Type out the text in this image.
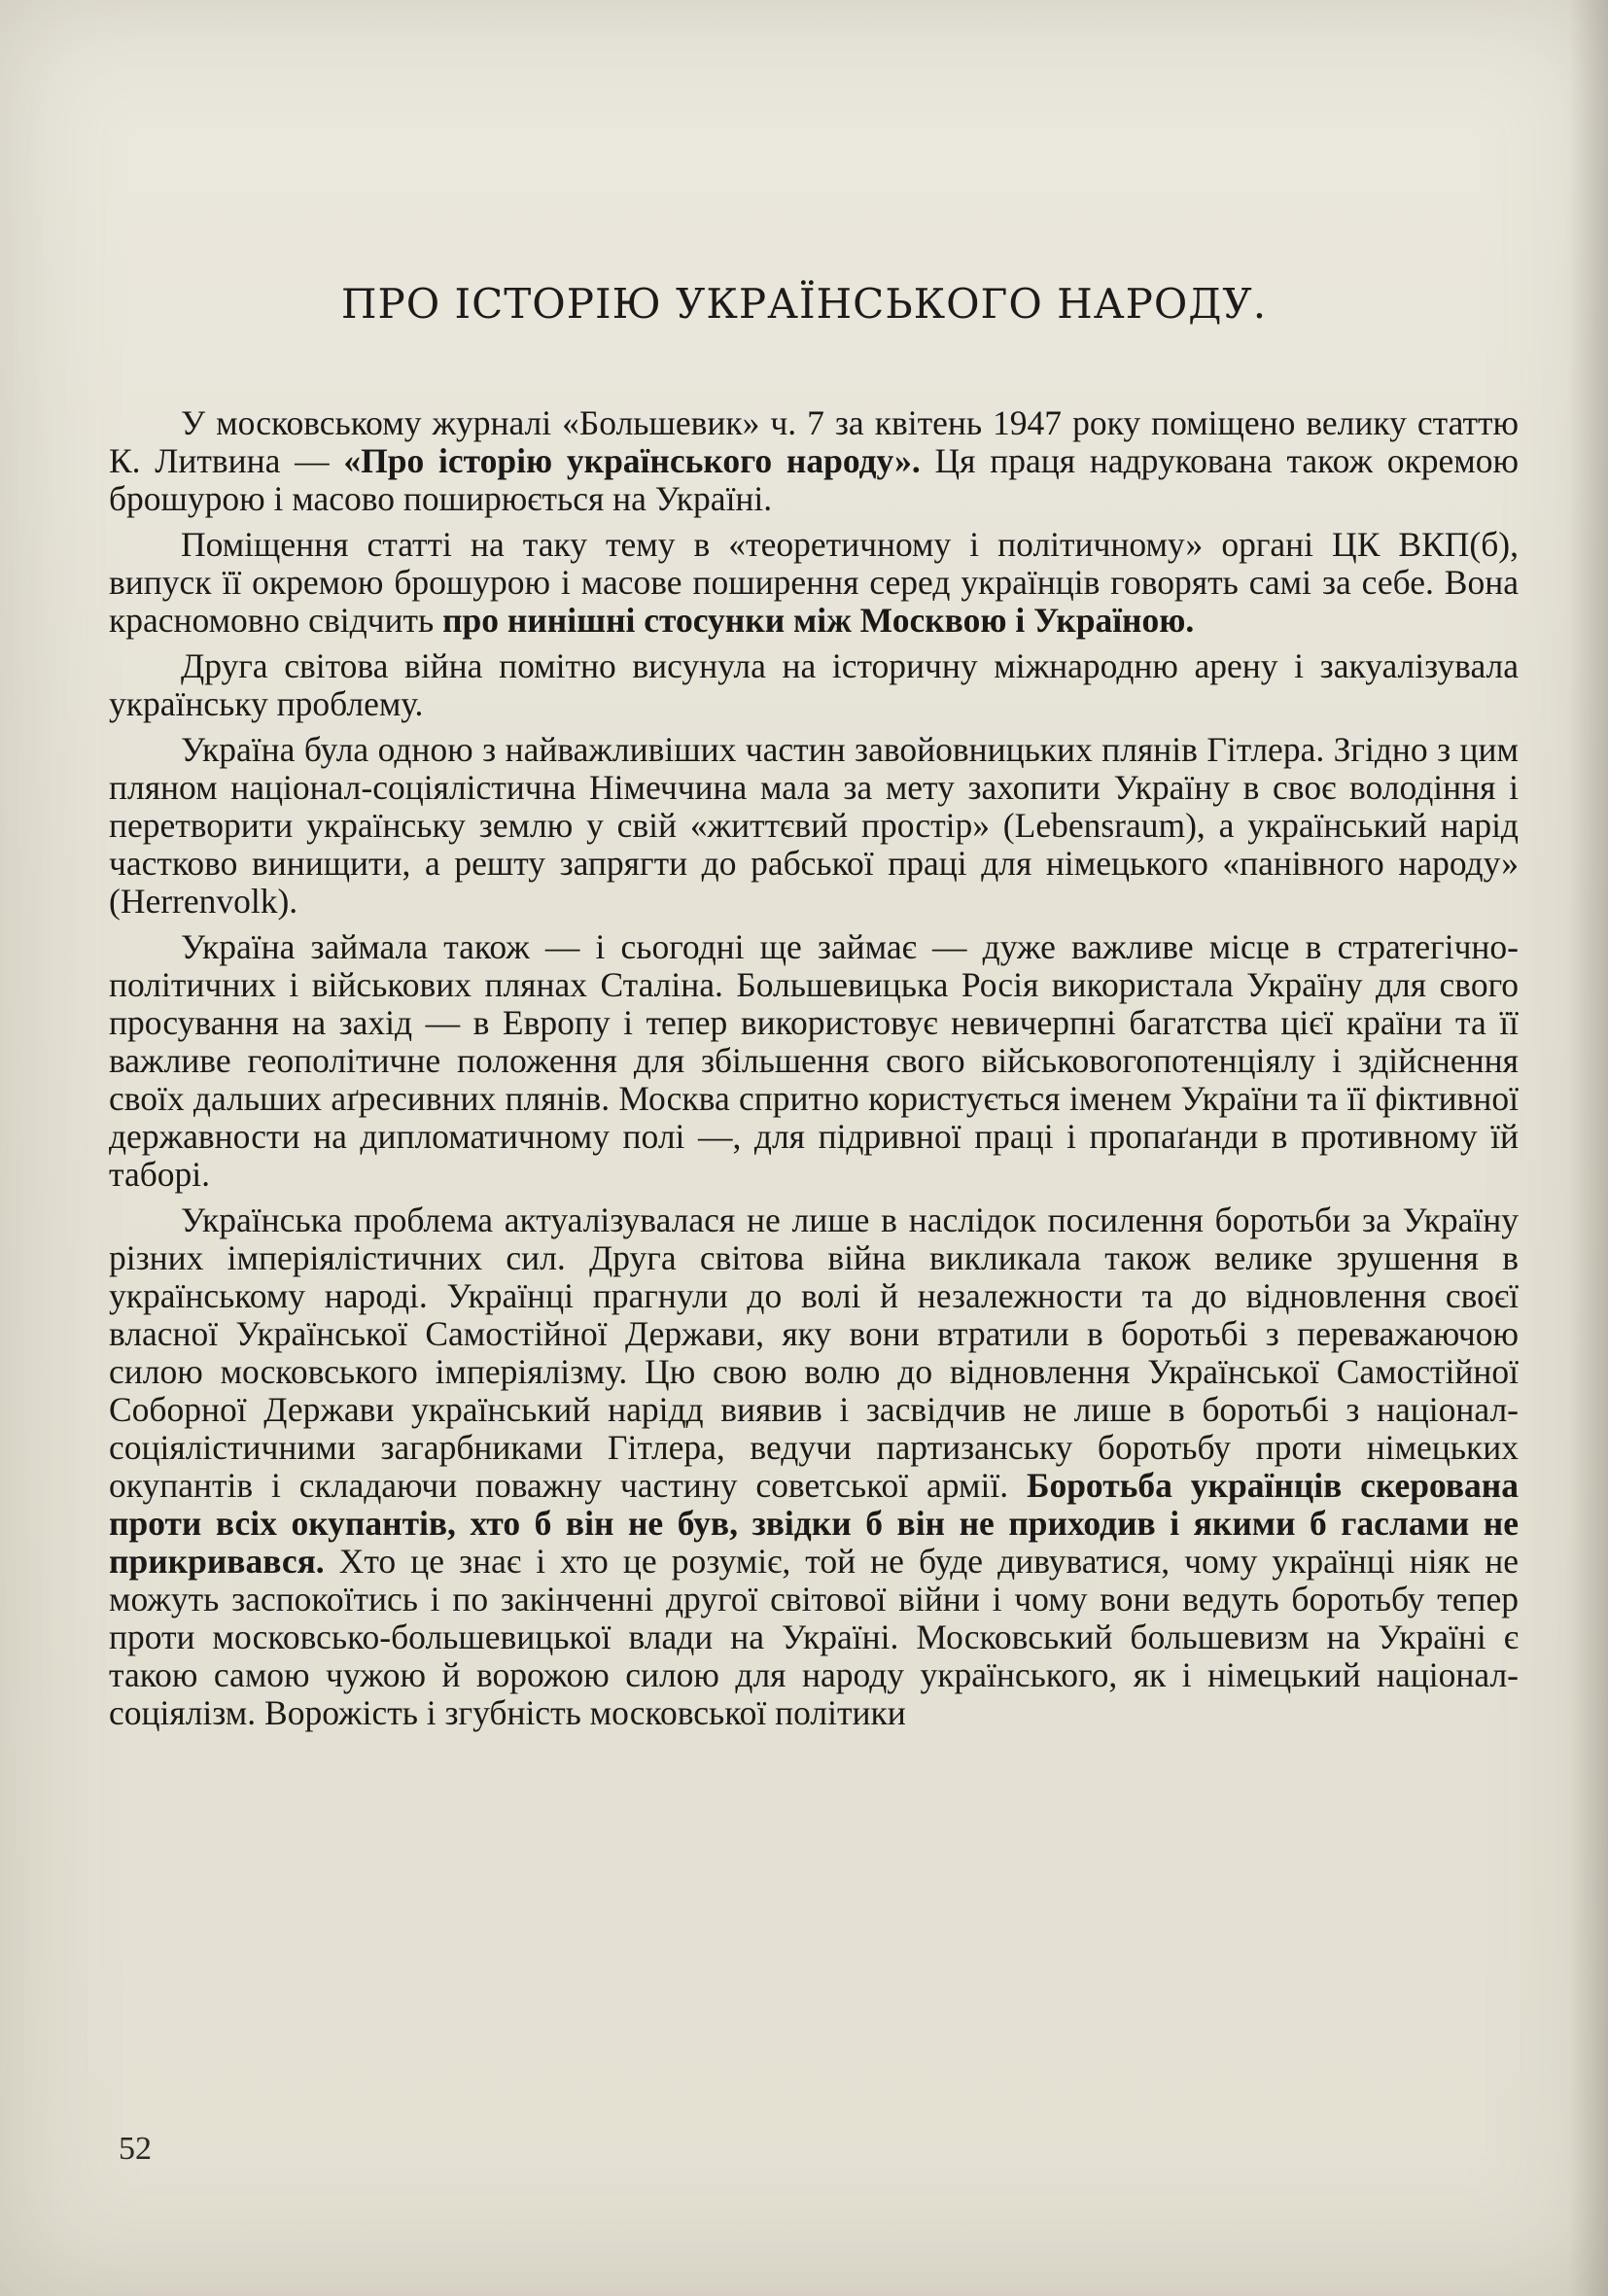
ПРО ІСТОРІЮ УКРАЇНСЬКОГО НАРОДУ.

У московському журналі «Большевик» ч. 7 за квітень 1947 року поміщено велику статтю К. Литвина — «Про історію українського народу». Ця праця надрукована також окремою брошурою і масово поширюється на Україні.

Поміщення статті на таку тему в «теоретичному і політичному» органі ЦК ВКП(б), випуск її окремою брошурою і масове поширення серед українців говорять самі за себе. Вона красномовно свідчить про нинішні стосунки між Москвою і Україною.

Друга світова війна помітно висунула на історичну міжнародню арену і закуалізувала українську проблему.

Україна була одною з найважливіших частин завойовницьких плянів Гітлера. Згідно з цим пляном націонал-соціялістична Німеччина мала за мету захопити Україну в своє володіння і перетворити українську землю у свій «життєвий простір» (Lebensraum), а український нарід частково винищити, а решту запрягти до рабської праці для німецького «панівного народу» (Herrenvolk).

Україна займала також — і сьогодні ще займає — дуже важливе місце в стратегічно-політичних і військових плянах Сталіна. Большевицька Росія використала Україну для свого просування на захід — в Европу і тепер використовує невичерпні багатства цієї країни та її важливе геополітичне положення для збільшення свого військовогопотенціялу і здійснення своїх дальших аґресивних плянів. Москва спритно користується іменем України та її фіктивної державности на дипломатичному полі —, для підривної праці і пропаґанди в противному їй таборі.

Українська проблема актуалізувалася не лише в наслідок посилення боротьби за Україну різних імперіялістичних сил. Друга світова війна викликала також велике зрушення в українському народі. Українці прагнули до волі й незалежности та до відновлення своєї власної Української Самостійної Держави, яку вони втратили в боротьбі з переважаючою силою московського імперіялізму. Цю свою волю до відновлення Української Самостійної Соборної Держави український нарідд виявив і засвідчив не лише в боротьбі з націонал-соціялістичними загарбниками Гітлера, ведучи партизанську боротьбу проти німецьких окупантів і складаючи поважну частину советської армії. Боротьба українців скерована проти всіх окупантів, хто б він не був, звідки б він не приходив і якими б гаслами не прикривався. Хто це знає і хто це розуміє, той не буде дивуватися, чому українці ніяк не можуть заспокоїтись і по закінченні другої світової війни і чому вони ведуть боротьбу тепер проти московсько-большевицької влади на Україні. Московський большевизм на Україні є такою самою чужою й ворожою силою для народу українського, як і німецький націонал-соціялізм. Ворожість і згубність московської політики

52
